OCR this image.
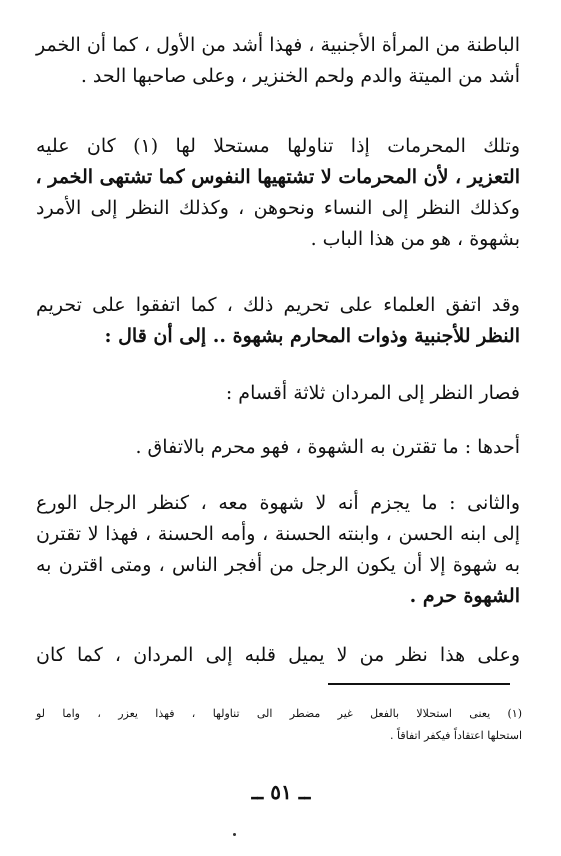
الباطنة من المرأة الأجنبية ، فهذا أشد من الأول ، كما أن الخمر
أشد من الميتة والدم ولحم الخنزير ، وعلى صاحبها الحد .

وتلك المحرمات إذا تناولها مستحلا لها (١) كان عليه
التعزير ، لأن المحرمات لا تشتهيها النفوس كما تشتهى الخمر ،
وكذلك النظر إلى النساء ونحوهن ، وكذلك النظر إلى الأمرد
بشهوة ، هو من هذا الباب .

وقد اتفق العلماء على تحريم ذلك ، كما اتفقوا على تحريم
النظر للأجنبية وذوات المحارم بشهوة .. إلى أن قال :

فصار النظر إلى المردان ثلاثة أقسام :

أحدها : ما تقترن به الشهوة ، فهو محرم بالاتفاق .

والثانى : ما يجزم أنه لا شهوة معه ، كنظر الرجل الورع
إلى ابنه الحسن ، وابنته الحسنة ، وأمه الحسنة ، فهذا لا تقترن
به شهوة إلا أن يكون الرجل من أفجر الناس ، ومتى اقترن به
الشهوة حرم .

وعلى هذا نظر من لا يميل قلبه إلى المردان ، كما كان

(١) يعنى استحلالا بالفعل غير مضطر الى تناولها ، فهذا يعزر ، واما لو
استحلها اعتقاداً فيكفر اتفاقاً .

ــ ٥١ ــ
